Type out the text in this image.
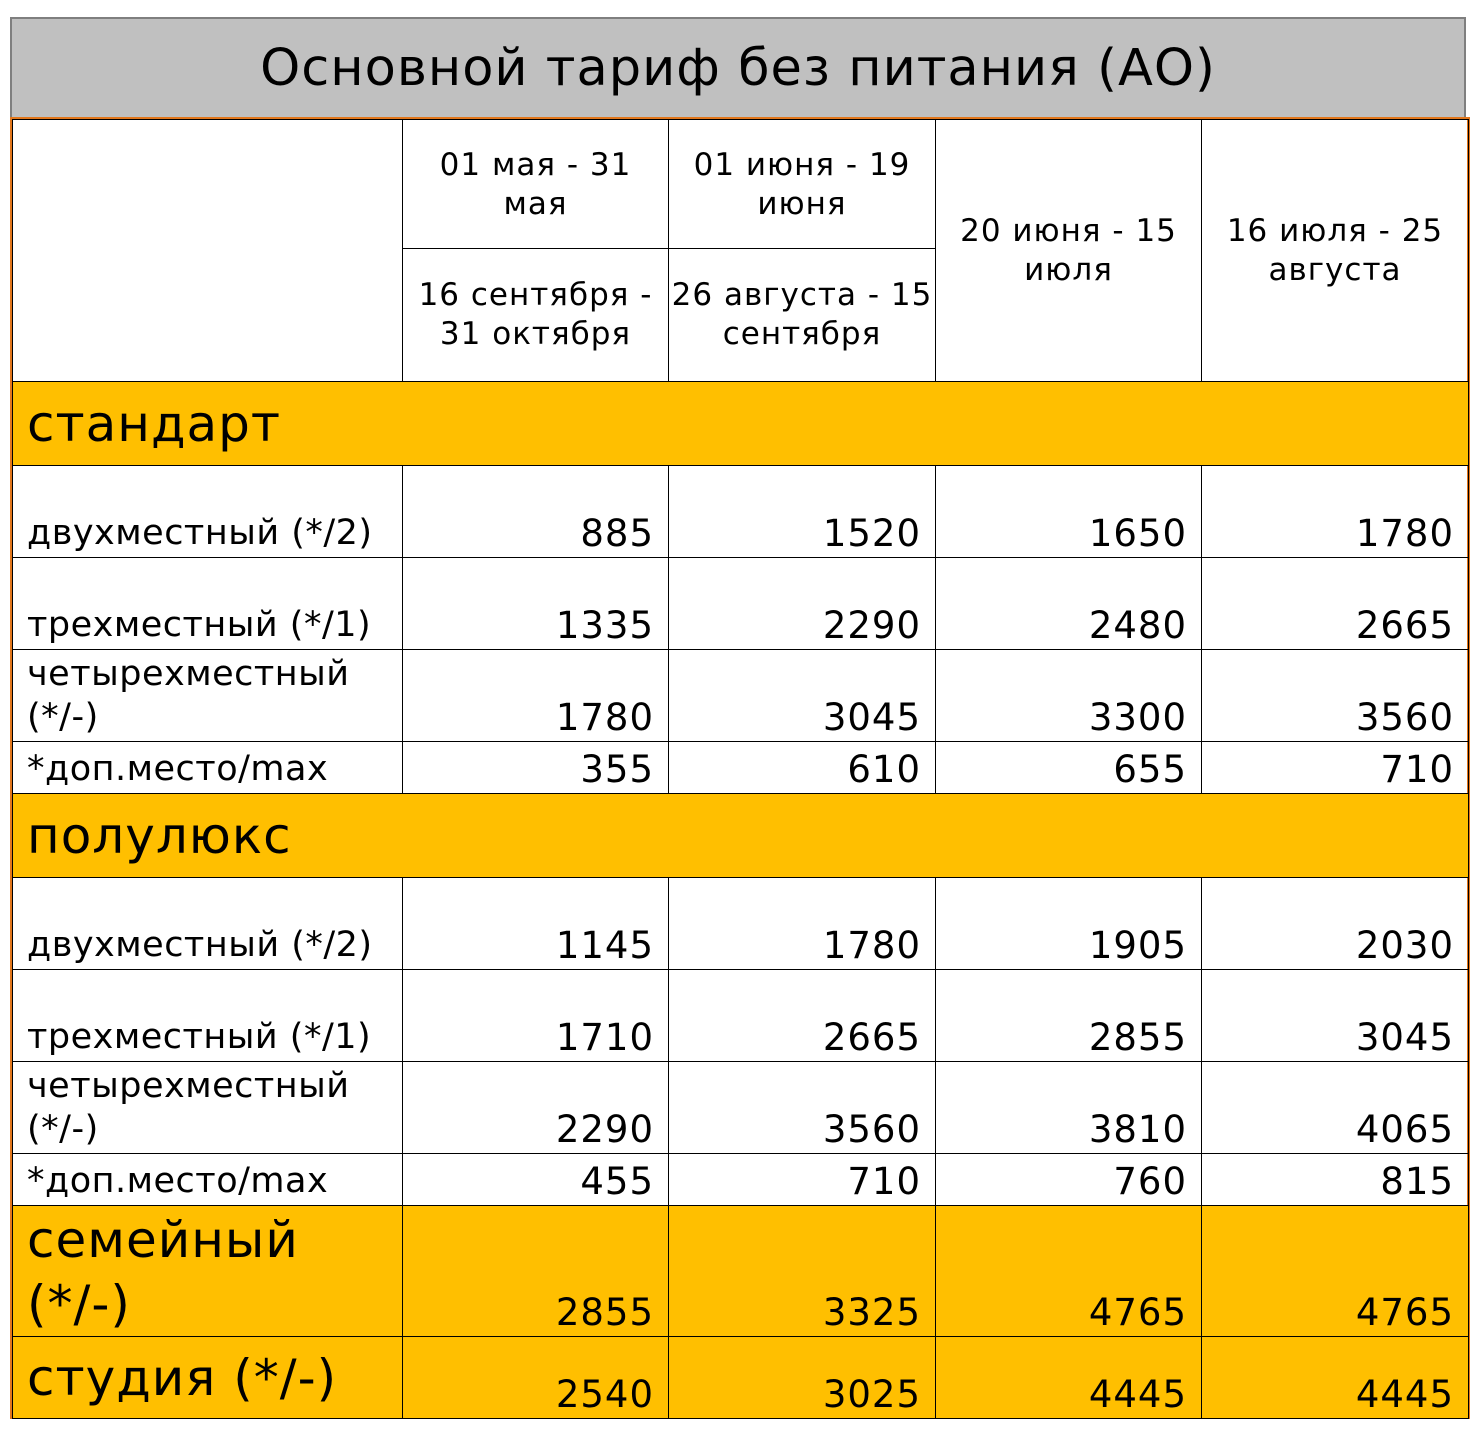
Основной тариф без питания (АО)
	01 мая - 31 мая	01 июня - 19 июня	20 июня - 15 июля	16 июля - 25 августа
	16 сентября - 31 октября	26 августа - 15 сентября		
стандарт				
двухместный (*/2)	885	1520	1650	1780
трехместный (*/1)	1335	2290	2480	2665
четырехместный (*/-)	1780	3045	3300	3560
*доп.место/max	355	610	655	710
полулюкс				
двухместный (*/2)	1145	1780	1905	2030
трехместный (*/1)	1710	2665	2855	3045
четырехместный (*/-)	2290	3560	3810	4065
*доп.место/max	455	710	760	815
семейный (*/-)	2855	3325	4765	4765
студия (*/-)	2540	3025	4445	4445
